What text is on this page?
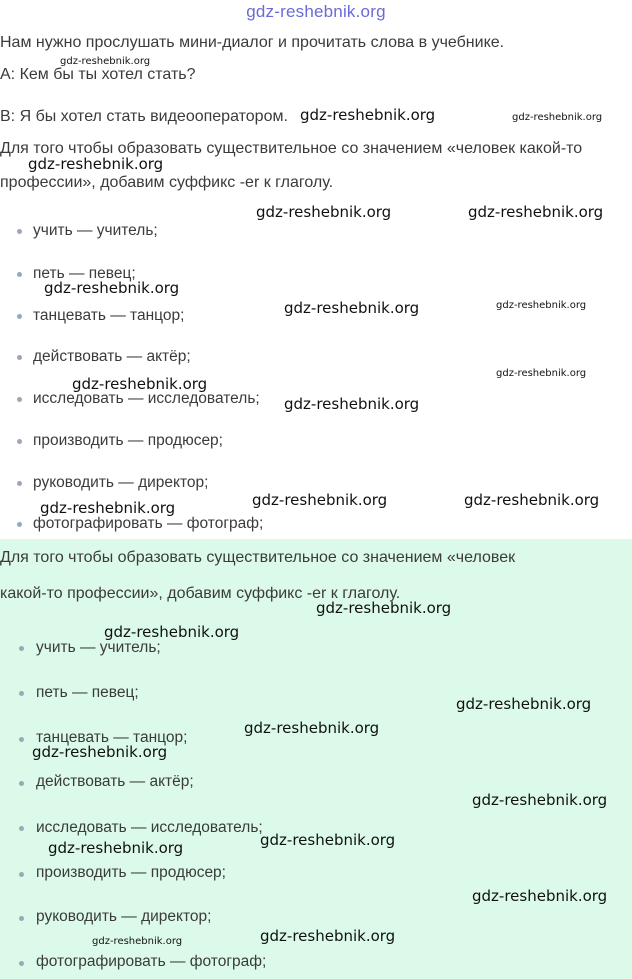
gdz-reshebnik.org
Нам нужно прослушать мини-диалог и прочитать слова в учебнике.
А: Кем бы ты хотел стать?
В: Я бы хотел стать видеооператором.
Для того чтобы образовать существительное со значением «человек какой-то
профессии», добавим суффикс -er к глаголу.
учить — учитель;
петь — певец;
танцевать — танцор;
действовать — актёр;
исследовать — исследователь;
производить — продюсер;
руководить — директор;
фотографировать — фотограф;
Для того чтобы образовать существительное со значением «человек
какой-то профессии», добавим суффикс -er к глаголу.
учить — учитель;
петь — певец;
танцевать — танцор;
действовать — актёр;
исследовать — исследователь;
производить — продюсер;
руководить — директор;
фотографировать — фотограф;
gdz-reshebnik.org
gdz-reshebnik.org	gdz-reshebnik.org
gdz-reshebnik.org
gdz-reshebnik.org	gdz-reshebnik.org
gdz-reshebnik.org
gdz-reshebnik.org	gdz-reshebnik.org
gdz-reshebnik.org
gdz-reshebnik.org
gdz-reshebnik.org
gdz-reshebnik.org	gdz-reshebnik.org
gdz-reshebnik.org
gdz-reshebnik.org
gdz-reshebnik.org
gdz-reshebnik.org
gdz-reshebnik.org
gdz-reshebnik.org
gdz-reshebnik.org
gdz-reshebnik.org
gdz-reshebnik.org
gdz-reshebnik.org
gdz-reshebnik.org
gdz-reshebnik.org
